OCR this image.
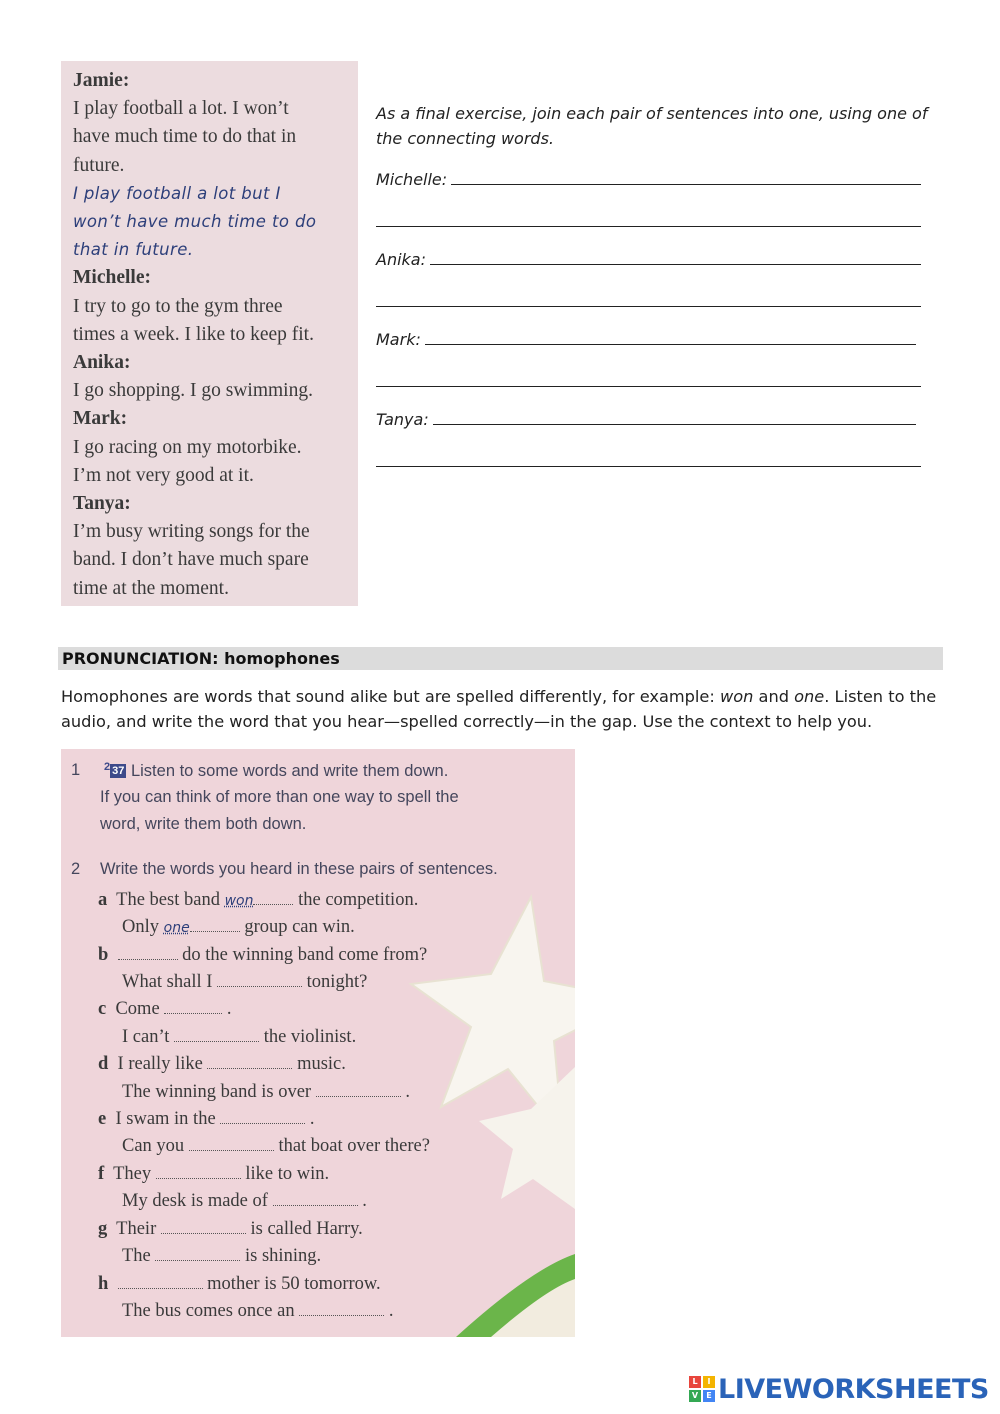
Jamie:
I play football a lot. I won’t
have much time to do that in
future.
I play football a lot but I
won’t have much time to do
that in future.
Michelle:
I try to go to the gym three
times a week. I like to keep fit.
Anika:
I go shopping. I go swimming.
Mark:
I go racing on my motorbike.
I’m not very good at it.
Tanya:
I’m busy writing songs for the
band. I don’t have much spare
time at the moment.
As a final exercise, join each pair of sentences into one, using one of the connecting words.
Michelle:
Anika:
Mark:
Tanya:
PRONUNCIATION: homophones
Homophones are words that sound alike but are spelled differently, for example: won and one. Listen to the audio, and write the word that you hear—spelled correctly—in the gap. Use the context to help you.
1 $^2$ 37 Listen to some words and write them down.
If you can think of more than one way to spell the
word, write them both down.
2 Write the words you heard in these pairs of sentences.
a The best band won the competition.
Only one	group can win.
b	do the winning band come from?
What shall I	tonight?
c Come	.
I can’t	the violinist.
d I really like	music.
The winning band is over	.
e I swam in the	.
Can you	that boat over there?
f They	like to win.
My desk is made of	.
g Their	is called Harry.
The	is shining.
h	mother is 50 tomorrow.
The bus comes once an	.
L	I
V	E LIVEWORKSHEETS
